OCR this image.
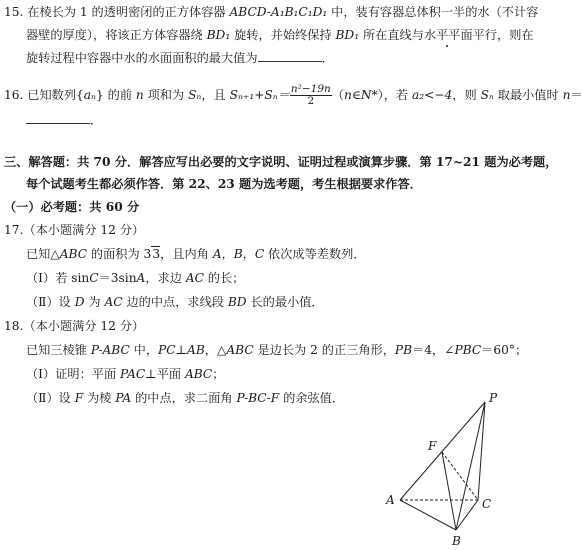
15. 在棱长为 1 的透明密闭的正方体容器 ABCD-A₁B₁C₁D₁ 中，装有容器总体积一半的水（不计容
器壁的厚度），将该正方体容器绕 BD₁ 旋转，并始终保持 BD₁ 所在直线与水平平面平行，则在
旋转过程中容器中水的水面面积的最大值为	．
16. 已知数列{aₙ} 的前 n 项和为 Sₙ，且 $S_{n+1}+S_n= \frac{\text{n²−19n}}{2}$ （n∈N*），若 a₂<−4，则 Sₙ 取最小值时 n＝
．
三、解答题：共 70 分．解答应写出必要的文字说明、证明过程或演算步骤．第 17~21 题为必考题，
每个试题考生都必须作答．第 22、23 题为选考题，考生根据要求作答．
（一）必考题：共 60 分
17.（本小题满分 12 分）
已知△ABC 的面积为 33，且内角 A，B，C 依次成等差数列．
（Ⅰ）若 sinC＝3sinA，求边 AC 的长；
（Ⅱ）设 D 为 AC 边的中点，求线段 BD 长的最小值．
18.（本小题满分 12 分）
已知三棱锥 P-ABC 中，PC⊥AB，△ABC 是边长为 2 的正三角形，PB＝4，∠PBC＝60°；
（Ⅰ）证明：平面 PAC⊥平面 ABC；
（Ⅱ）设 F 为棱 PA 的中点，求二面角 P-BC-F 的余弦值．	P
F
A	C
B
